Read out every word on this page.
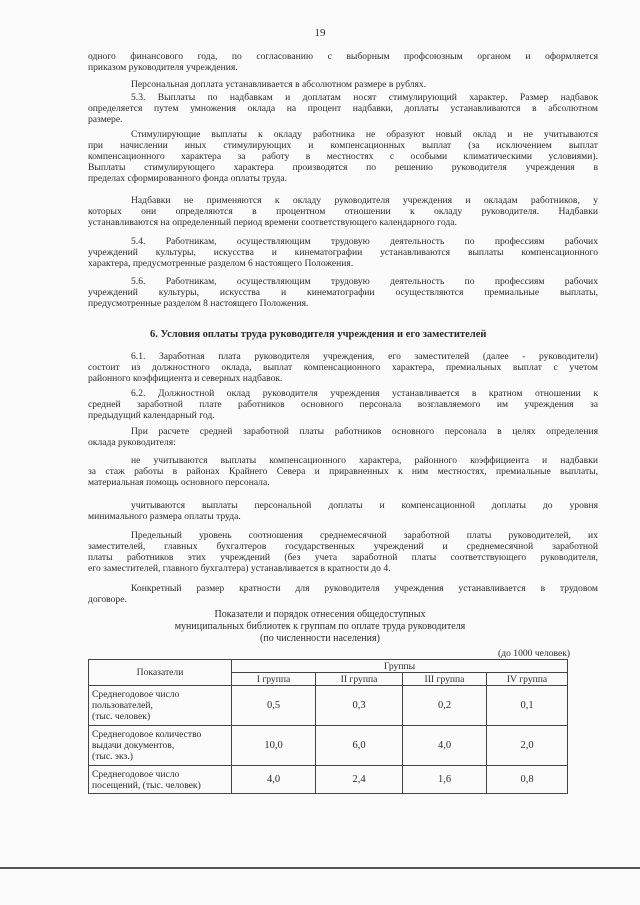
19
одного финансового года, по согласованию с выборным профсоюзным органом и оформляется
приказом руководителя учреждения.
Персональная доплата устанавливается в абсолютном размере в рублях.
5.3. Выплаты по надбавкам и доплатам носят стимулирующий характер. Размер надбавок
определяется путем умножения оклада на процент надбавки, доплаты устанавливаются в абсолютном
размере.
Стимулирующие выплаты к окладу работника не образуют новый оклад и не учитываются
при начислении иных стимулирующих и компенсационных выплат (за исключением выплат
компенсационного характера за работу в местностях с особыми климатическими условиями).
Выплаты стимулирующего характера производятся по решению руководителя учреждения в
пределах сформированного фонда оплаты труда.
Надбавки не применяются к окладу руководителя учреждения и окладам работников, у
которых они определяются в процентном отношении к окладу руководителя. Надбавки
устанавливаются на определенный период времени соответствующего календарного года.
5.4. Работникам, осуществляющим трудовую деятельность по профессиям рабочих
учреждений культуры, искусства и кинематографии устанавливаются выплаты компенсационного
характера, предусмотренные разделом 6 настоящего Положения.
5.6. Работникам, осуществляющим трудовую деятельность по профессиям рабочих
учреждений культуры, искусства и кинематографии осуществляются премиальные выплаты,
предусмотренные разделом 8 настоящего Положения.
6. Условия оплаты труда руководителя учреждения и его заместителей
6.1. Заработная плата руководителя учреждения, его заместителей (далее - руководители)
состоит из должностного оклада, выплат компенсационного характера, премиальных выплат с учетом
районного коэффициента и северных надбавок.
6.2. Должностной оклад руководителя учреждения устанавливается в кратном отношении к
средней заработной плате работников основного персонала возглавляемого им учреждения за
предыдущий календарный год.
При расчете средней заработной платы работников основного персонала в целях определения
оклада руководителя:
не учитываются выплаты компенсационного характера, районного коэффициента и надбавки
за стаж работы в районах Крайнего Севера и приравненных к ним местностях, премиальные выплаты,
материальная помощь основного персонала.
учитываются выплаты персональной доплаты и компенсационной доплаты до уровня
минимального размера оплаты труда.
Предельный уровень соотношения среднемесячной заработной платы руководителей, их
заместителей, главных бухгалтеров государственных учреждений и среднемесячной заработной
платы работников этих учреждений (без учета заработной платы соответствующего руководителя,
его заместителей, главного бухгалтера) устанавливается в кратности до 4.
Конкретный размер кратности для руководителя учреждения устанавливается в трудовом
договоре.
Показатели и порядок отнесения общедоступных
муниципальных библиотек к группам по оплате труда руководителя
(по численности населения)
(до 1000 человек)
Показатели	Группы			
	I группа	II группа	III группа	IV группа

Среднегодовое число
пользователей,
(тыс. человек)	0,5	0,3	0,2	0,1

Среднегодовое количество
выдачи документов,
(тыс. экз.)	10,0	6,0	4,0	2,0

Среднегодовое число
посещений, (тыс. человек)	4,0	2,4	1,6	0,8
